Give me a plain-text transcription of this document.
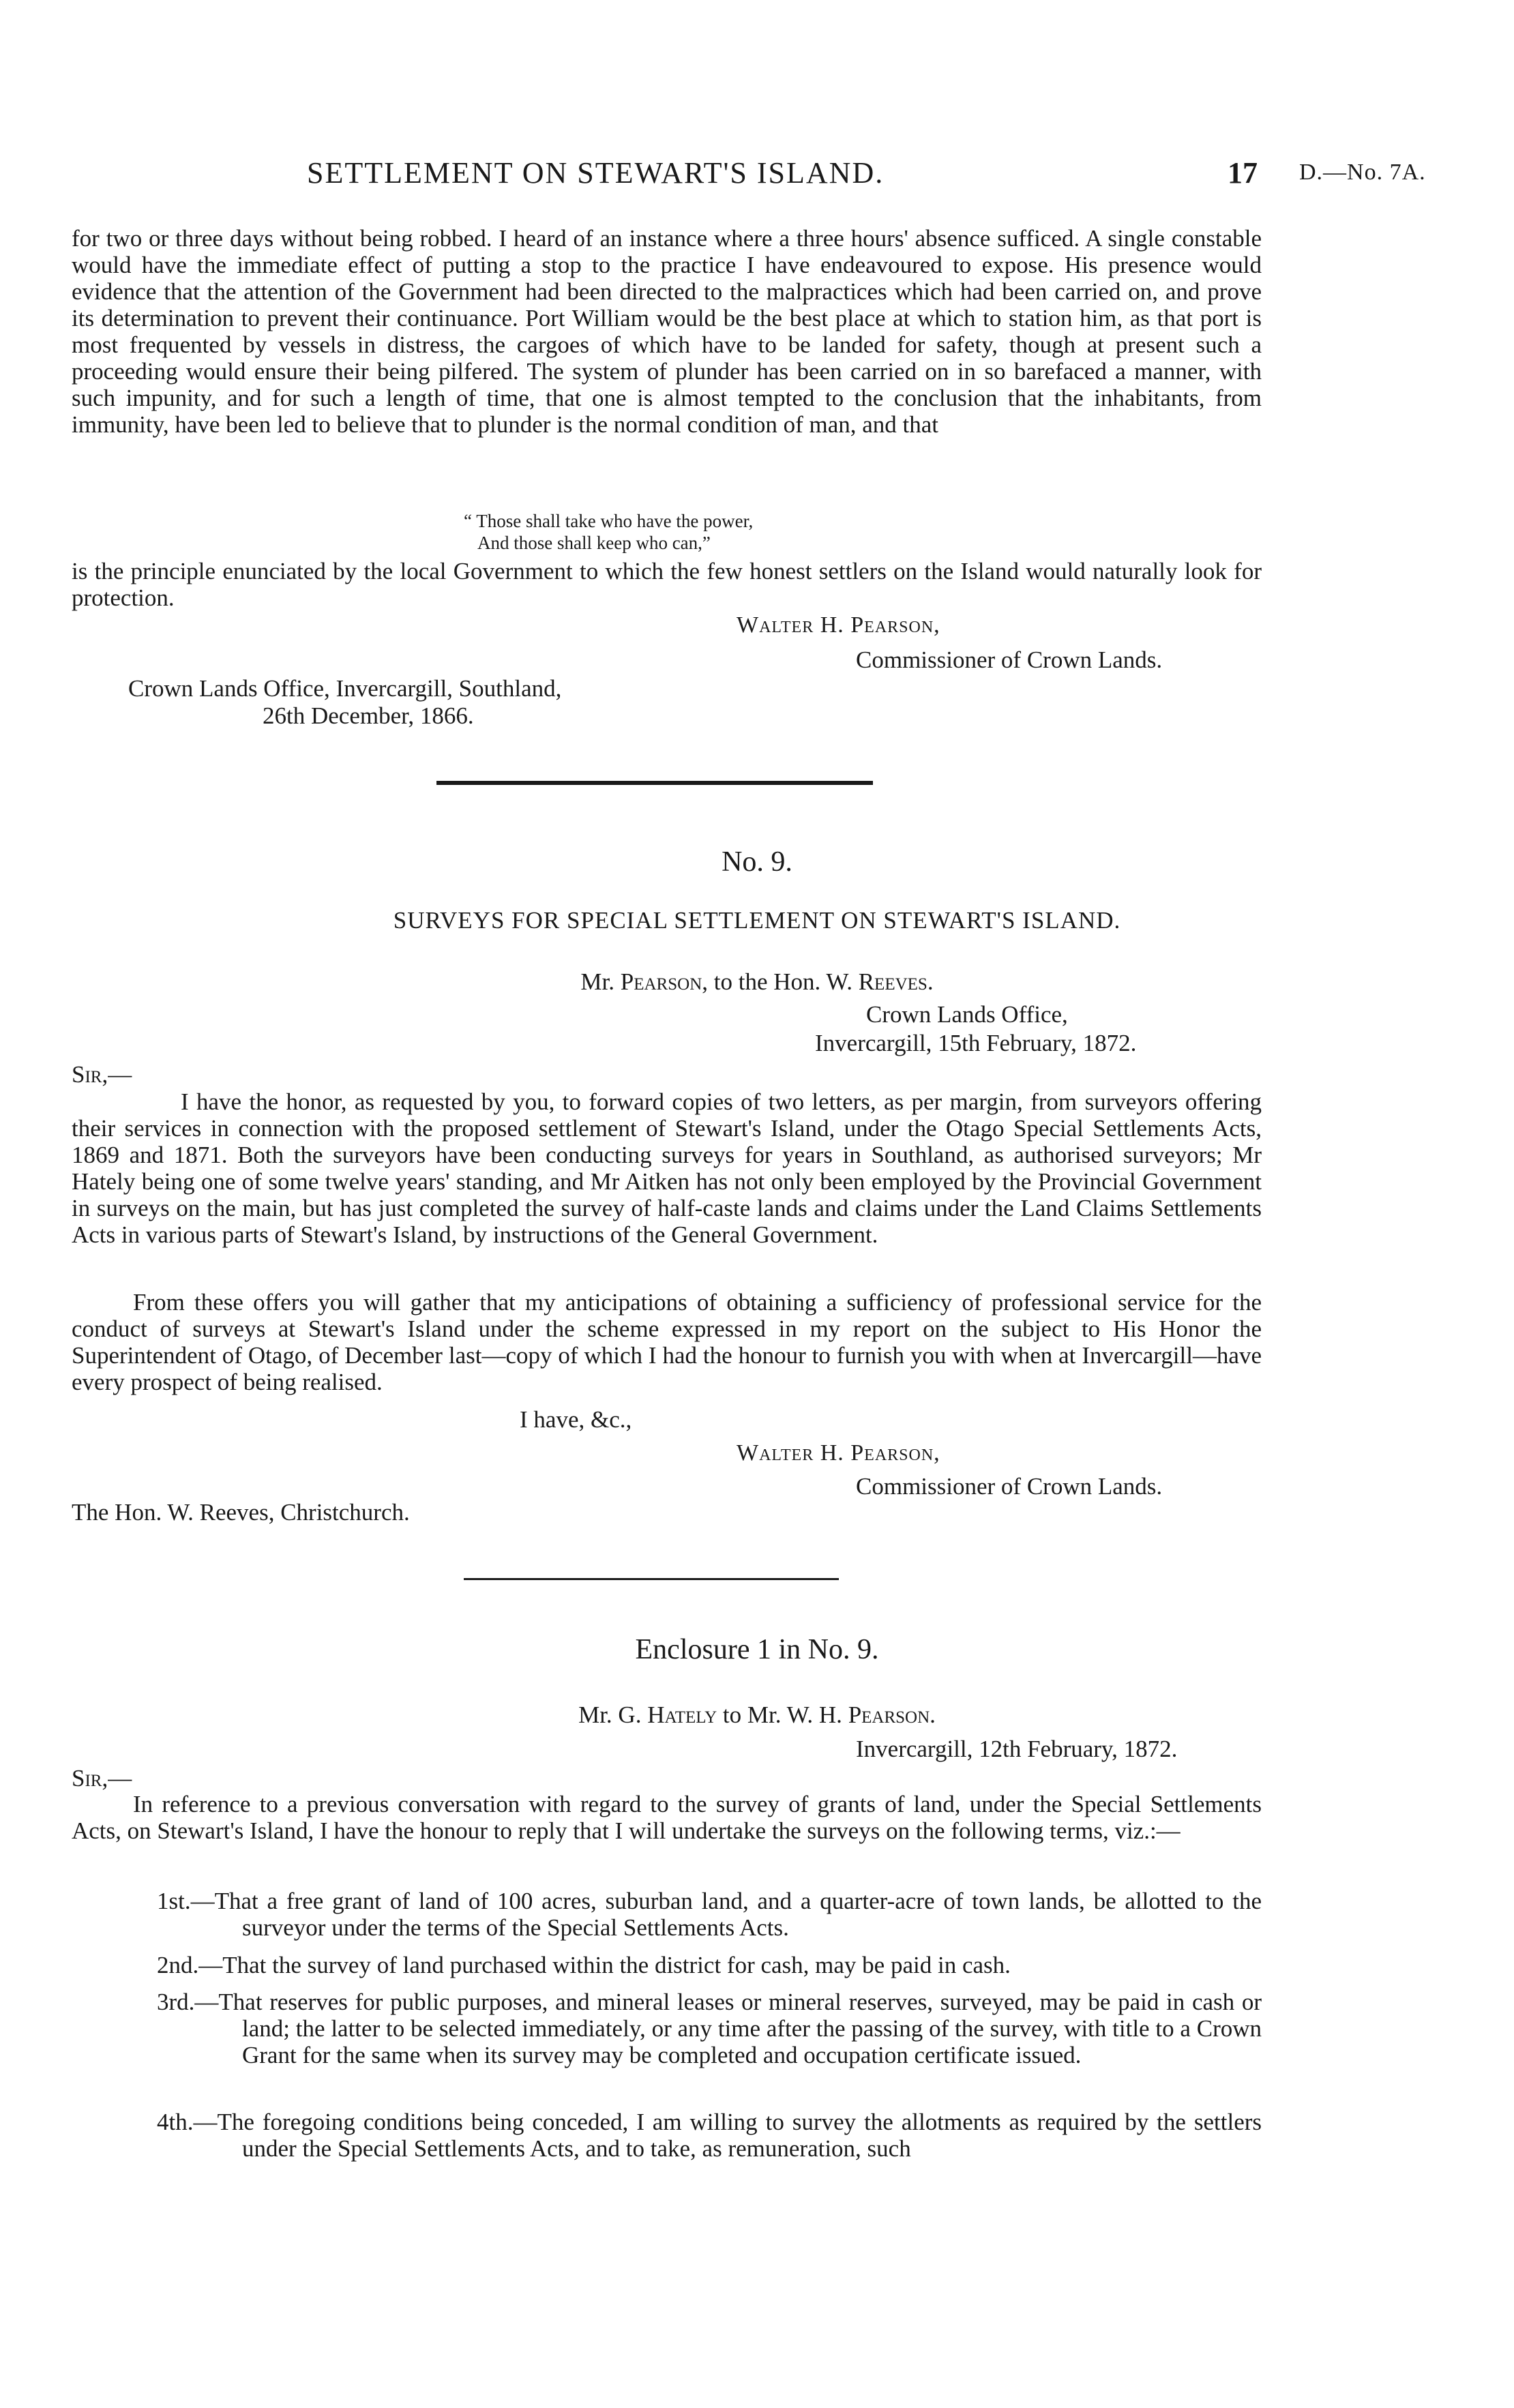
SETTLEMENT ON STEWART'S ISLAND.	17 D.—No. 7A.
for two or three days without being robbed. I heard of an instance where a three hours' absence sufficed. A single constable would have the immediate effect of putting a stop to the practice I have endeavoured to expose. His presence would evidence that the attention of the Government had been directed to the malpractices which had been carried on, and prove its determination to prevent their continuance. Port William would be the best place at which to station him, as that port is most frequented by vessels in distress, the cargoes of which have to be landed for safety, though at present such a proceeding would ensure their being pilfered. The system of plunder has been carried on in so barefaced a manner, with such impunity, and for such a length of time, that one is almost tempted to the conclusion that the inhabitants, from immunity, have been led to believe that to plunder is the normal condition of man, and that
“ Those shall take who have the power,
And those shall keep who can,”
is the principle enunciated by the local Government to which the few honest settlers on the Island would naturally look for protection.
Walter H. Pearson,
Commissioner of Crown Lands.
Crown Lands Office, Invercargill, Southland,
26th December, 1866.
No. 9.
SURVEYS FOR SPECIAL SETTLEMENT ON STEWART'S ISLAND.
Mr. Pearson, to the Hon. W. Reeves.
Crown Lands Office,
Invercargill, 15th February, 1872.
Sir,—
I have the honor, as requested by you, to forward copies of two letters, as per margin, from surveyors offering their services in connection with the proposed settlement of Stewart's Island, under the Otago Special Settlements Acts, 1869 and 1871. Both the surveyors have been conducting surveys for years in Southland, as authorised surveyors; Mr Hately being one of some twelve years' standing, and Mr Aitken has not only been employed by the Provincial Government in surveys on the main, but has just completed the survey of half-caste lands and claims under the Land Claims Settlements Acts in various parts of Stewart's Island, by instructions of the General Government.
From these offers you will gather that my anticipations of obtaining a sufficiency of professional service for the conduct of surveys at Stewart's Island under the scheme expressed in my report on the subject to His Honor the Superintendent of Otago, of December last—copy of which I had the honour to furnish you with when at Invercargill—have every prospect of being realised.
I have, &c.,
Walter H. Pearson,
Commissioner of Crown Lands.
The Hon. W. Reeves, Christchurch.
Enclosure 1 in No. 9.
Mr. G. Hately to Mr. W. H. Pearson.
Invercargill, 12th February, 1872.
Sir,—
In reference to a previous conversation with regard to the survey of grants of land, under the Special Settlements Acts, on Stewart's Island, I have the honour to reply that I will undertake the surveys on the following terms, viz.:—
1st.—That a free grant of land of 100 acres, suburban land, and a quarter-acre of town lands, be allotted to the surveyor under the terms of the Special Settlements Acts.
2nd.—That the survey of land purchased within the district for cash, may be paid in cash.
3rd.—That reserves for public purposes, and mineral leases or mineral reserves, surveyed, may be paid in cash or land; the latter to be selected immediately, or any time after the passing of the survey, with title to a Crown Grant for the same when its survey may be completed and occupation certificate issued.
4th.—The foregoing conditions being conceded, I am willing to survey the allotments as required by the settlers under the Special Settlements Acts, and to take, as remuneration, such
